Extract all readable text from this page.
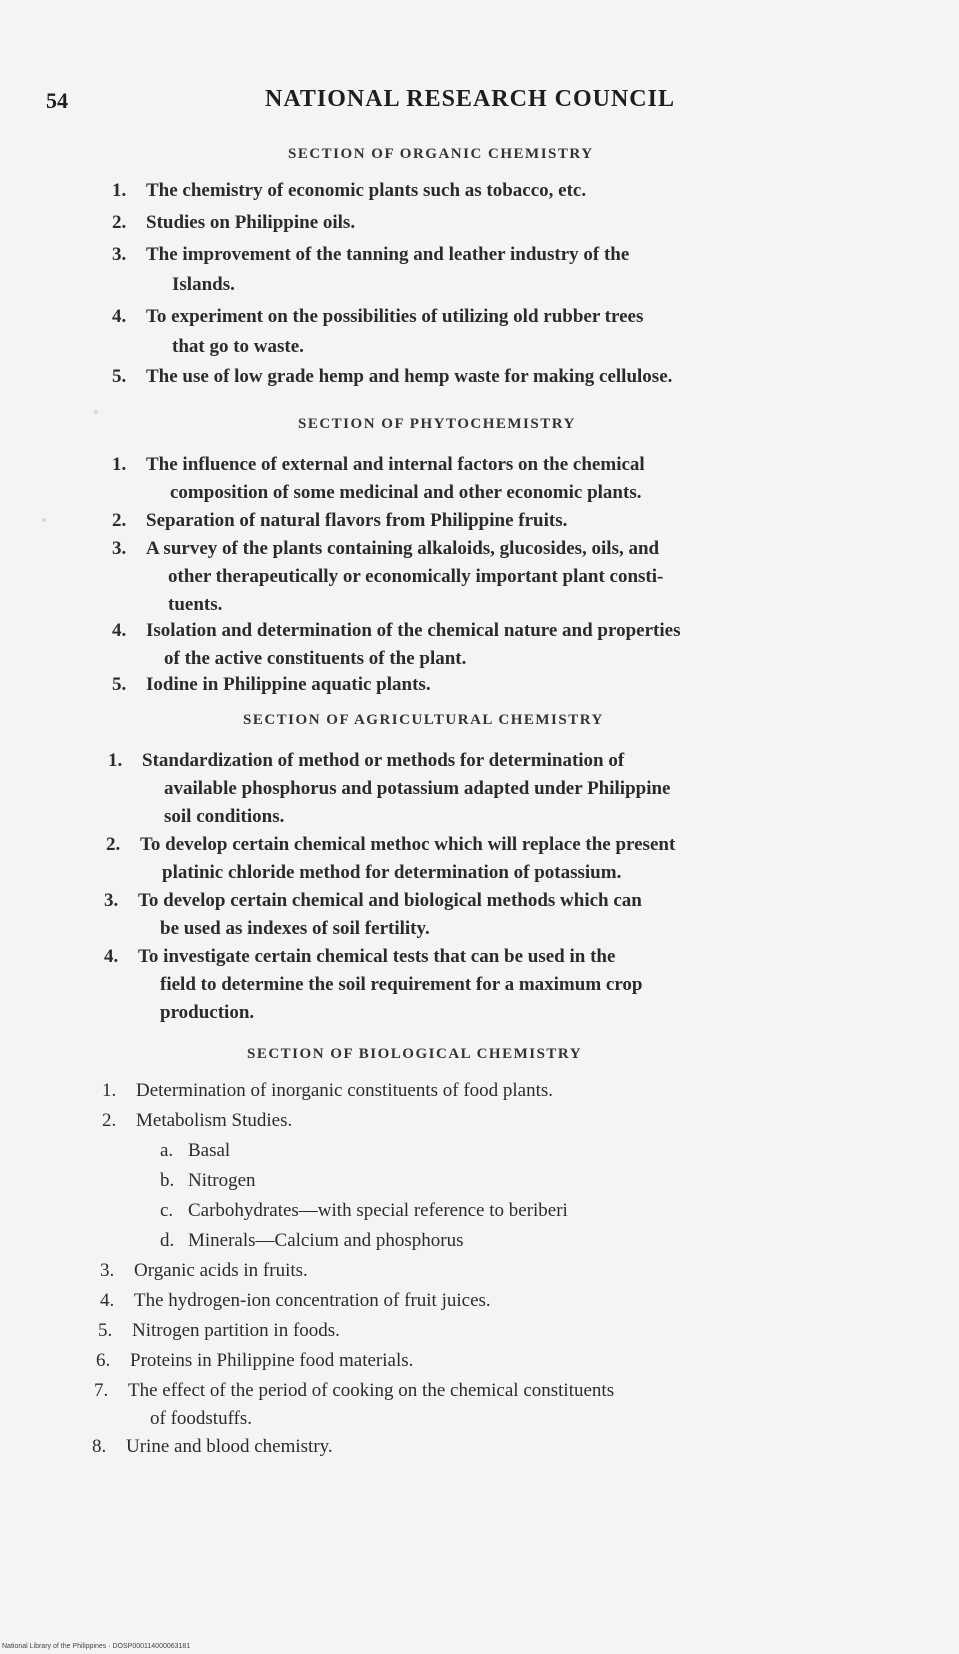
54	NATIONAL RESEARCH COUNCIL
SECTION OF ORGANIC CHEMISTRY
1. The chemistry of economic plants such as tobacco, etc.
2. Studies on Philippine oils.
3. The improvement of the tanning and leather industry of the
Islands.
4. To experiment on the possibilities of utilizing old rubber trees
that go to waste.
5. The use of low grade hemp and hemp waste for making cellulose.
SECTION OF PHYTOCHEMISTRY
1. The influence of external and internal factors on the chemical
composition of some medicinal and other economic plants.
2. Separation of natural flavors from Philippine fruits.
3. A survey of the plants containing alkaloids, glucosides, oils, and
other therapeutically or economically important plant consti-
tuents.
4. Isolation and determination of the chemical nature and properties
of the active constituents of the plant.
5. Iodine in Philippine aquatic plants.
SECTION OF AGRICULTURAL CHEMISTRY
1. Standardization of method or methods for determination of
available phosphorus and potassium adapted under Philippine
soil conditions.
2. To develop certain chemical methoc which will replace the present
platinic chloride method for determination of potassium.
3. To develop certain chemical and biological methods which can
be used as indexes of soil fertility.
4. To investigate certain chemical tests that can be used in the
field to determine the soil requirement for a maximum crop
production.
SECTION OF BIOLOGICAL CHEMISTRY
1. Determination of inorganic constituents of food plants.
2. Metabolism Studies.
a. Basal
b. Nitrogen
c. Carbohydrates—with special reference to beriberi
d. Minerals—Calcium and phosphorus
3. Organic acids in fruits.
4. The hydrogen-ion concentration of fruit juices.
5. Nitrogen partition in foods.
6. Proteins in Philippine food materials.
7. The effect of the period of cooking on the chemical constituents
of foodstuffs.
8. Urine and blood chemistry.
National Library of the Philippines · DOSP000114000063181
